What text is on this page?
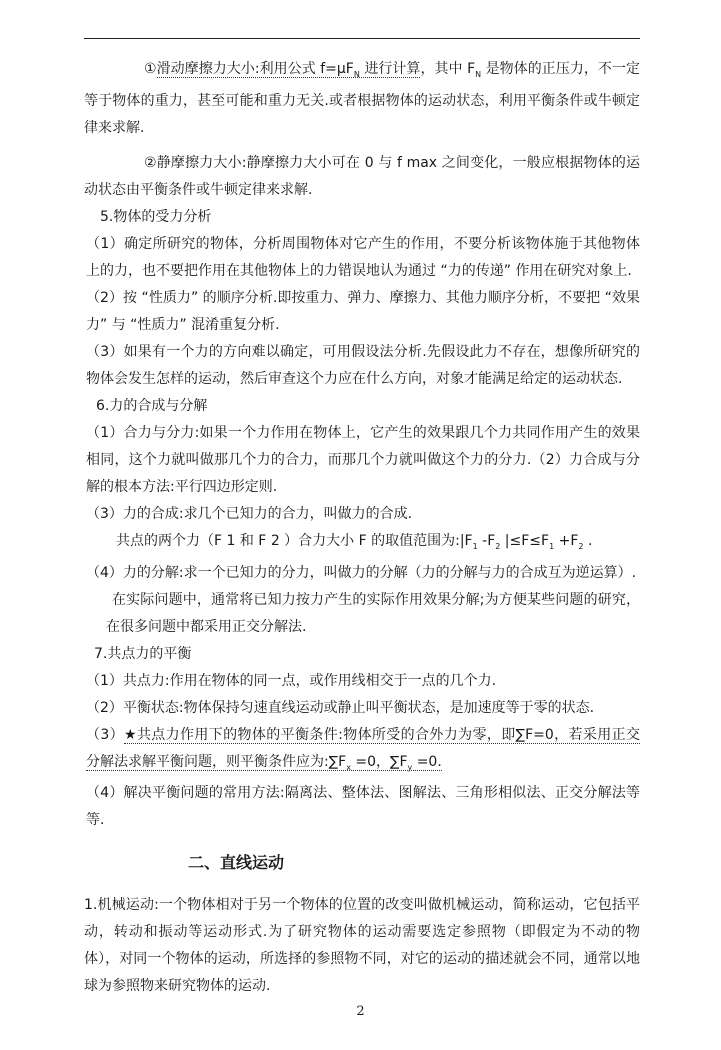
①滑动摩擦力大小:利用公式 $f=\mu F_N$ 进行计算，其中 $F_N$ 是物体的正压力，不一定等于物体的重力，甚至可能和重力无关.或者根据物体的运动状态，利用平衡条件或牛顿定律来求解.

②静摩擦力大小:静摩擦力大小可在 0 与 f max 之间变化，一般应根据物体的运动状态由平衡条件或牛顿定律来求解.

5.物体的受力分析

（1）确定所研究的物体，分析周围物体对它产生的作用，不要分析该物体施于其他物体上的力，也不要把作用在其他物体上的力错误地认为通过 “力的传递” 作用在研究对象上.

（2）按 “性质力” 的顺序分析.即按重力、弹力、摩擦力、其他力顺序分析，不要把 “效果力” 与 “性质力” 混淆重复分析.

（3）如果有一个力的方向难以确定，可用假设法分析.先假设此力不存在，想像所研究的物体会发生怎样的运动，然后审查这个力应在什么方向，对象才能满足给定的运动状态.

6.力的合成与分解

（1）合力与分力:如果一个力作用在物体上，它产生的效果跟几个力共同作用产生的效果相同，这个力就叫做那几个力的合力，而那几个力就叫做这个力的分力.（2）力合成与分解的根本方法:平行四边形定则.

（3）力的合成:求几个已知力的合力，叫做力的合成.

共点的两个力（F 1 和 F 2 ）合力大小 F 的取值范围为$:|F_1$ $-F_2$ $|\le F\le F_1 +F_2$ .

（4）力的分解:求一个已知力的分力，叫做力的分解（力的分解与力的合成互为逆运算）.

在实际问题中，通常将已知力按力产生的实际作用效果分解;为方便某些问题的研究，在很多问题中都采用正交分解法.

7.共点力的平衡

（1）共点力:作用在物体的同一点，或作用线相交于一点的几个力.

（2）平衡状态:物体保持匀速直线运动或静止叫平衡状态，是加速度等于零的状态.

（3）★共点力作用下的物体的平衡条件:物体所受的合外力为零，即∑F=0，若采用正交分解法求解平衡问题，则平衡条件应为$:\sum F_x =0$，$\sum F_y =0$.

（4）解决平衡问题的常用方法:隔离法、整体法、图解法、三角形相似法、正交分解法等等.

二、直线运动

1.机械运动:一个物体相对于另一个物体的位置的改变叫做机械运动，简称运动，它包括平动，转动和振动等运动形式.为了研究物体的运动需要选定参照物（即假定为不动的物体），对同一个物体的运动，所选择的参照物不同，对它的运动的描述就会不同，通常以地球为参照物来研究物体的运动.

2
